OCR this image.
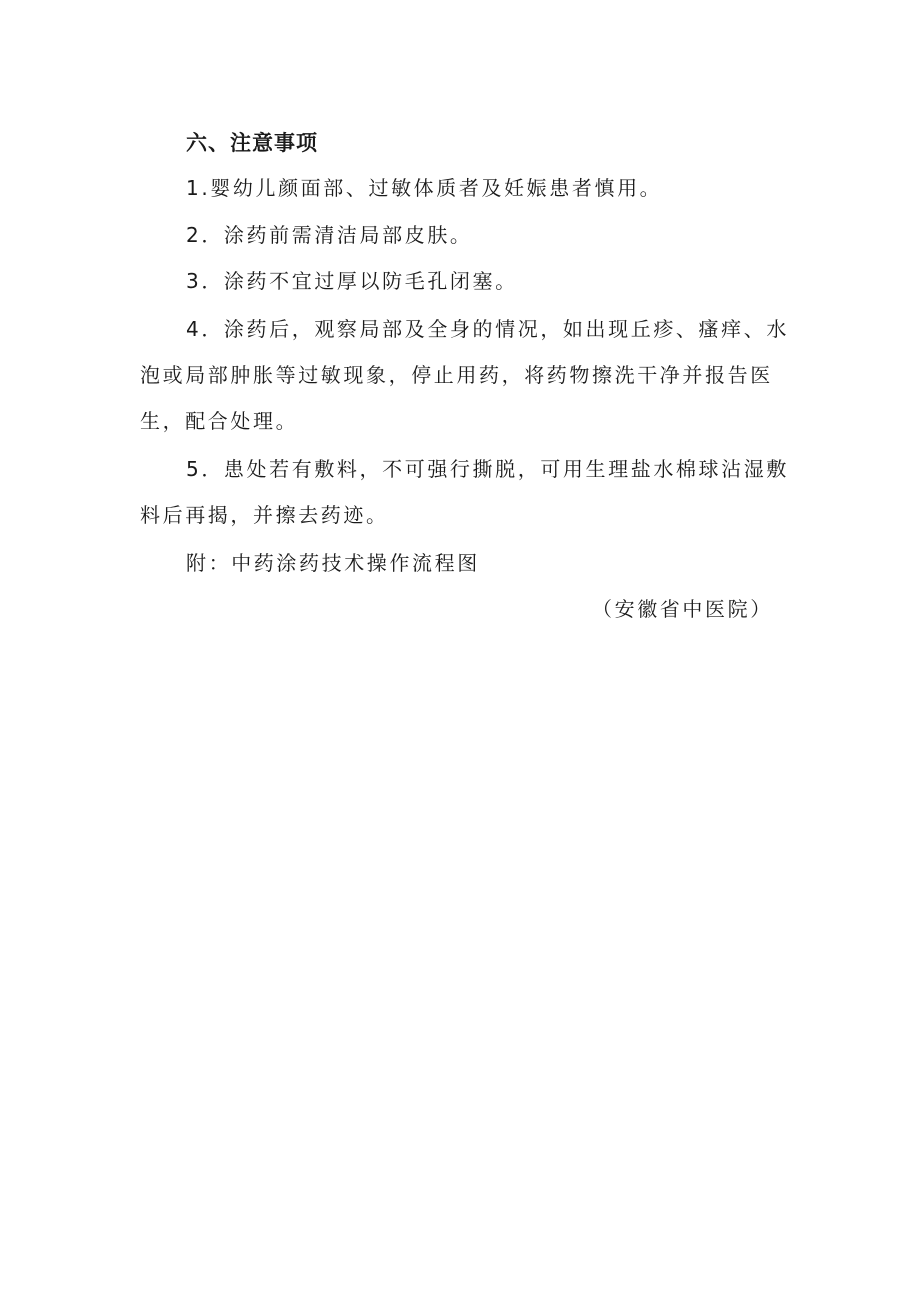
六、注意事项
1.婴幼儿颜面部、过敏体质者及妊娠患者慎用。
2．涂药前需清洁局部皮肤。
3．涂药不宜过厚以防毛孔闭塞。
4．涂药后，观察局部及全身的情况，如出现丘疹、瘙痒、水
泡或局部肿胀等过敏现象，停止用药，将药物擦洗干净并报告医
生，配合处理。
5．患处若有敷料，不可强行撕脱，可用生理盐水棉球沾湿敷
料后再揭，并擦去药迹。
附：中药涂药技术操作流程图
（安徽省中医院）
